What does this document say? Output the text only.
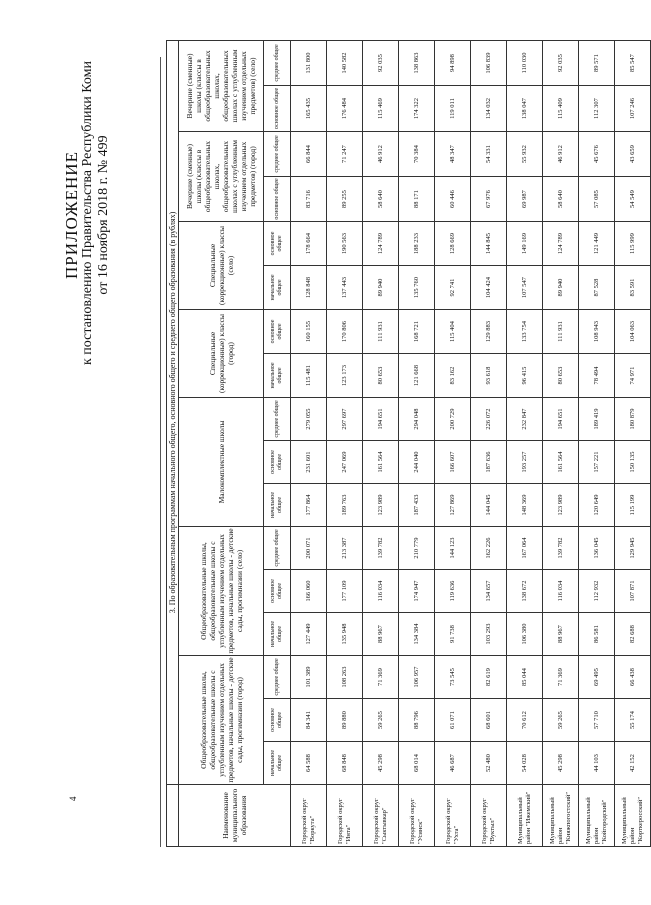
4
ПРИЛОЖЕНИЕ к постановлению Правительства Республики Коми от 16 ноября 2018 г. № 499
		3. По образовательным программам начального общего, основного общего и среднего общего образования (в рублях)																
Наименование муниципального образования	Общеобразовательные школы, общеобразовательные школы с углубленным изучением отдельных предметов, начальные школы - детские сады, прогимназии (город)			Общеобразовательные школы, общеобразовательные школы с углубленным изучением отдельных предметов, начальные школы - детские сады, прогимназии (село)			Малокомплектные школы			Специальные (коррекционные) классы (город)		Специальные (коррекционные) классы (село)		Вечерние (сменные) школы (классы в общеобразовательных школах, общеобразовательных школах с углубленным изучением отдельных предметов) (город)		Вечерние (сменные) школы (классы в общеобразовательных школах, общеобразовательных школах с углубленным изучением отдельных предметов) (село)	
	начальное общее	основное общее	среднее общее	начальное общее	основное общее	среднее общее	начальное общее	основное общее	среднее общее	начальное общее	основное общее	начальное общее	основное общее	основное общее	среднее общее	основное общее	среднее общее
Городской округ "Воркута"	64 588	84 341	101 389	127 449	166 060	200 071	177 864	231 601	279 055	115 481	160 155	128 848	178 664	83 716	66 844	165 435	131 800
Городской округ "Инта"	68 848	89 880	108 263	135 948	177 109	213 387	189 763	247 069	297 697	123 173	170 806	137 443	190 563	89 255	71 247	176 484	140 582
Городской округ "Сыктывкар"	45 298	59 265	71 369	88 967	116 034	139 782	123 989	161 564	194 651	80 653	111 931	89 940	124 789	58 640	46 912	115 469	92 035
Городской округ "Усинск"	68 014	88 796	106 957	134 384	174 947	210 779	187 433	244 040	294 048	121 668	168 721	135 760	188 233	88 171	70 384	174 322	138 863
Городской округ "Ухта"	46 687	61 071	73 545	91 738	119 636	144 123	127 869	166 607	200 729	83 162	115 404	92 741	128 669	60 446	48 347	119 011	94 898
Городской округ "Вуктыл"	52 480	68 601	82 619	103 293	134 657	162 226	144 045	187 636	226 072	93 618	129 883	104 424	144 845	67 976	54 331	134 032	106 839
Муниципальный район "Ижемский"	54 028	70 612	85 044	106 380	138 672	167 064	148 369	193 257	232 847	96 415	133 754	107 547	149 169	69 987	55 932	138 047	110 030
Муниципальный район "Княжпогостский"	45 298	59 265	71 369	88 967	116 034	139 782	123 989	161 564	194 651	80 653	111 931	89 940	124 789	58 640	46 912	115 409	92 035
Муниципальный район "Койгородский"	44 103	57 710	69 495	86 581	112 932	136 045	120 649	157 221	189 419	78 494	108 943	87 528	121 449	57 085	45 676	112 307	89 571
Муниципальный район "Корткеросский"	42 152	55 174	66 438	82 688	107 871	129 945	115 199	150 135	180 879	74 971	104 063	83 591	115 999	54 549	43 659	107 246	85 547
